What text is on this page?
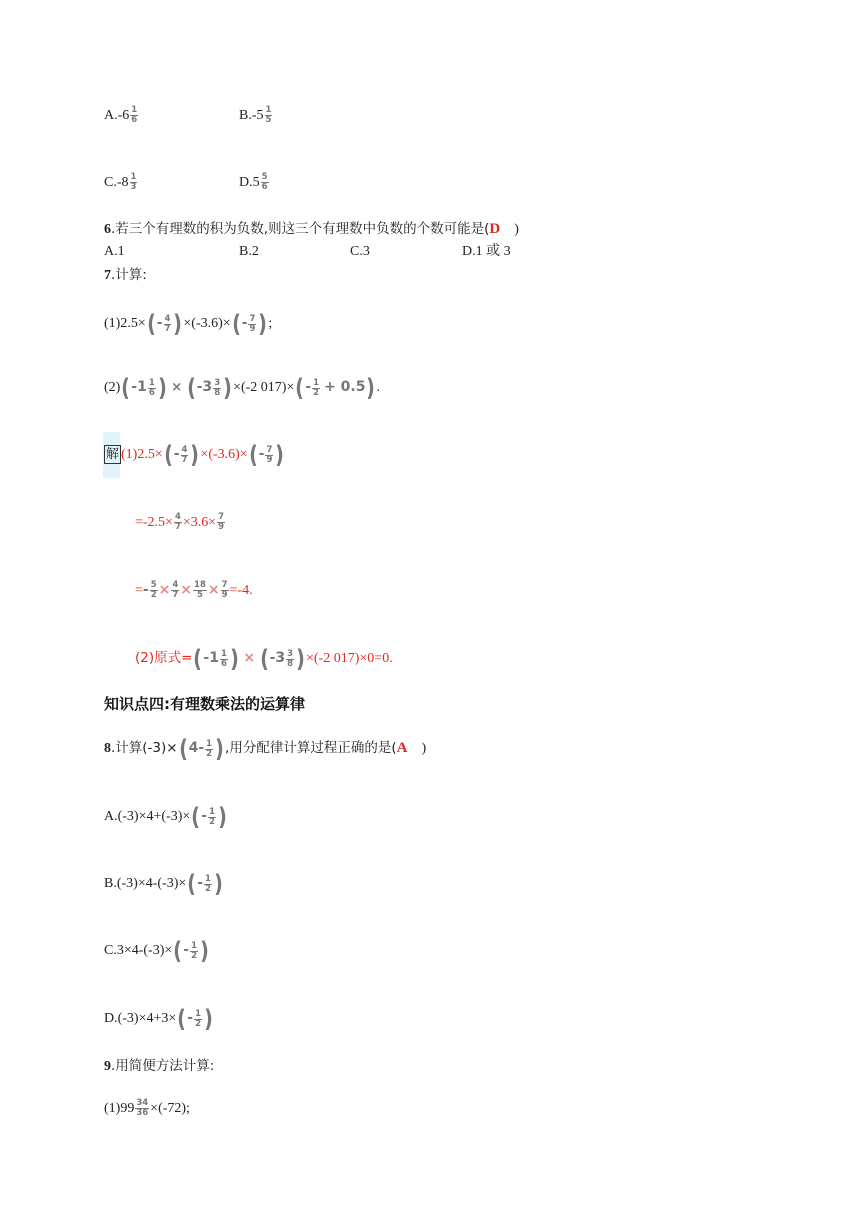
$A.-6 \frac{1}{6}$	$B.-5 \frac{1}{5}$
$C.-8 \frac{1}{3}$	$D.5 \frac{5}{6}$
6.若三个有理数的积为负数,则这三个有理数中负数的个数可能是(D )
A.1	B.2	C.3	D.1 或 3
7.计算:
$(1)2.5\times(- \frac{4}{7} )\times(-3.6)\times(- \frac{7}{9}$ );
$(2)(-1 \frac{1}{6}$ ) × $(-3 \frac{3}{8} )\times(-2$ $017)\times(- \frac{1}{2} + 0.5)$.
解 $(1)2.5\times(- \frac{4}{7} )\times(-3.6)\times(- \frac{7}{9}$ )
$=-2.5\times \frac{4}{7} \times 3.6\times \frac{7}{9}$
=- $\frac{5}{2} \times \frac{4}{7} \times \frac{18}{5} \times \frac{7}{9} =-4$.
(2)原式$=(-1 \frac{1}{6}$ ) × $(-3 \frac{3}{8} )\times(-2$ 017)×0=0.
知识点四:有理数乘法的运算律
8.计算$(-3)\times(4- \frac{1}{2}$ ),用分配律计算过程正确的是(A )
$A.(-3)\times 4+(-3)\times(- \frac{1}{2}$ )
$B.(-3)\times 4-(-3)\times(- \frac{1}{2}$ )
$C.3\times 4-(-3)\times(- \frac{1}{2}$ )
$D.(-3)\times 4+3\times(- \frac{1}{2}$ )
9.用简便方法计算:
$(1)99 \frac{34}{36} \times(-72)$;
